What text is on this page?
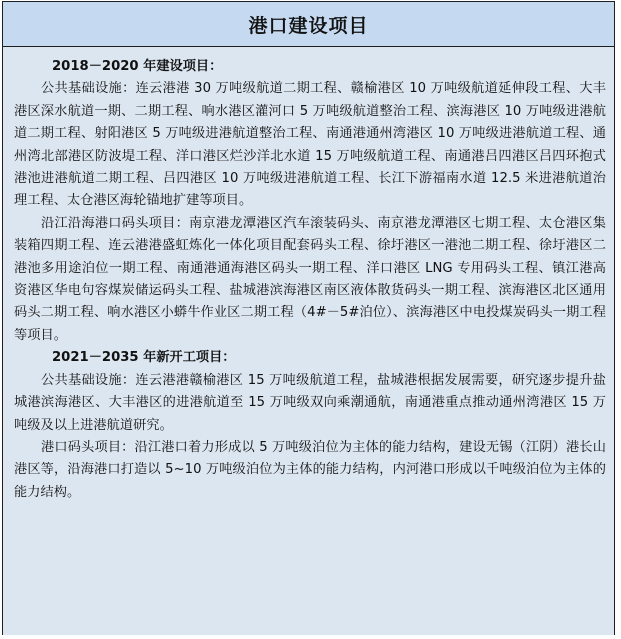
港口建设项目

2018－2020 年建设项目：

公共基础设施：连云港港 30 万吨级航道二期工程、赣榆港区 10 万吨级航道延伸段工程、大丰港区深水航道一期、二期工程、响水港区灌河口 5 万吨级航道整治工程、滨海港区 10 万吨级进港航道二期工程、射阳港区 5 万吨级进港航道整治工程、南通港通州湾港区 10 万吨级进港航道工程、通州湾北部港区防波堤工程、洋口港区烂沙洋北水道 15 万吨级航道工程、南通港吕四港区吕四环抱式港池进港航道二期工程、吕四港区 10 万吨级进港航道工程、长江下游福南水道 12.5 米进港航道治理工程、太仓港区海轮锚地扩建等项目。

沿江沿海港口码头项目：南京港龙潭港区汽车滚装码头、南京港龙潭港区七期工程、太仓港区集装箱四期工程、连云港港盛虹炼化一体化项目配套码头工程、徐圩港区一港池二期工程、徐圩港区二港池多用途泊位一期工程、南通港通海港区码头一期工程、洋口港区 LNG 专用码头工程、镇江港高资港区华电句容煤炭储运码头工程、盐城港滨海港区南区液体散货码头一期工程、滨海港区北区通用码头二期工程、响水港区小蟒牛作业区二期工程（4#－5#泊位）、滨海港区中电投煤炭码头一期工程等项目。

2021－2035 年新开工项目：

公共基础设施：连云港港赣榆港区 15 万吨级航道工程，盐城港根据发展需要，研究逐步提升盐城港滨海港区、大丰港区的进港航道至 15 万吨级双向乘潮通航，南通港重点推动通州湾港区 15 万吨级及以上进港航道研究。

港口码头项目：沿江港口着力形成以 5 万吨级泊位为主体的能力结构，建设无锡（江阴）港长山港区等，沿海港口打造以 5~10 万吨级泊位为主体的能力结构，内河港口形成以千吨级泊位为主体的能力结构。
